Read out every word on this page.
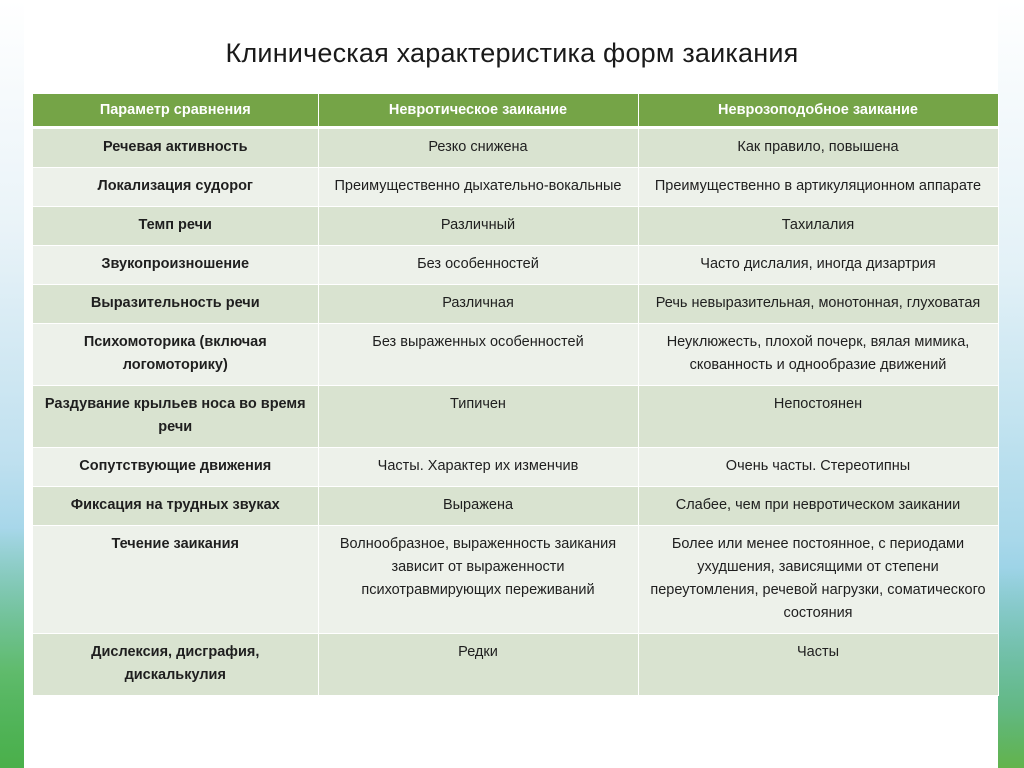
Клиническая характеристика форм заикания
Параметр сравнения	Невротическое заикание	Неврозоподобное заикание
Речевая активность	Резко снижена	Как правило, повышена
Локализация судорог	Преимущественно дыхательно-вокальные	Преимущественно в артикуляционном аппарате
Темп речи	Различный	Тахилалия
Звукопроизношение	Без особенностей	Часто дислалия, иногда дизартрия
Выразительность речи	Различная	Речь невыразительная, монотонная, глуховатая
Психомоторика (включая логомоторику)	Без выраженных особенностей	Неуклюжесть, плохой почерк, вялая мимика, скованность и однообразие движений
Раздувание крыльев носа во время речи	Типичен	Непостоянен
Сопутствующие движения	Часты. Характер их изменчив	Очень часты. Стереотипны
Фиксация на трудных звуках	Выражена	Слабее, чем при невротическом заикании
Течение заикания	Волнообразное, выраженность заикания зависит от выраженности психотравмирующих переживаний	Более или менее постоянное, с периодами ухудшения, зависящими от степени переутомления, речевой нагрузки, соматического состояния
Дислексия, дисграфия, дискалькулия	Редки	Часты
